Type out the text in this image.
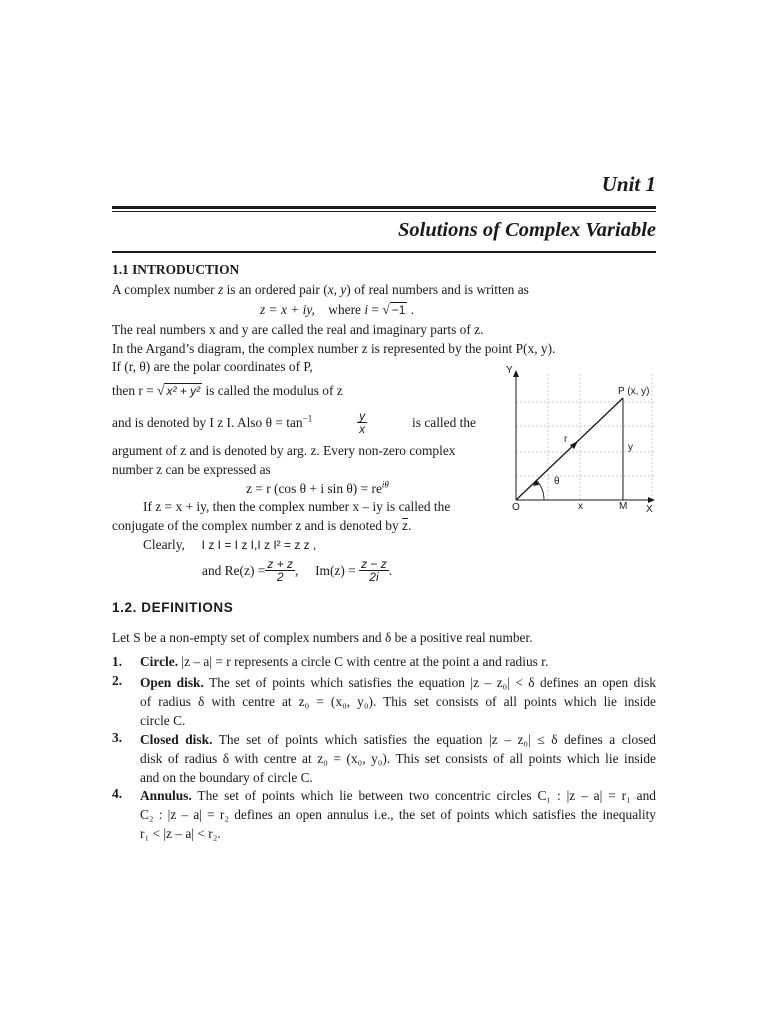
Unit 1
Solutions of Complex Variable
1.1 INTRODUCTION
A complex number z is an ordered pair (x, y) of real numbers and is written as
z = x + iy, where i = √ −1 .
The real numbers x and y are called the real and imaginary parts of z.
In the Argand’s diagram, the complex number z is represented by the point P(x, y).
If (r, θ) are the polar coordinates of P,
then r = √ x² + y² is called the modulus of z
and is denoted by I z I. Also $\theta = \tan^{-1}$	$\frac{y}{x}$	is called the
argument of z and is denoted by arg. z. Every non-zero complex
number z can be expressed as
z = r (cos θ + i $\sin \theta) = re^{i\theta}$
If z = x + iy, then the complex number x – iy is called the
conjugate of the complex number z and is denoted by $\overline{z}$.
Clearly, I z I = I z I,I z I² = z z ,
and $Re(z) = \frac{z + z}{2}$ ,     $Im(z) = \frac{z - z}{2i}$ .
Y
X
P (x, y)
O
r
θ
y
x	M
1.2. DEFINITIONS
Let S be a non-empty set of complex numbers and δ be a positive real number.
1. Circle. |z – a| = r represents a circle C with centre at the point a and radius r.
2. Open disk. The set of points which satisfies the equation |z – z₀| < δ defines an open disk
of radius δ with centre at z₀ = (x₀, y₀). This set consists of all points which lie inside
circle C.
3. Closed disk. The set of points which satisfies the equation |z – z₀| ≤ δ defines a closed
disk of radius δ with centre at z₀ = (x₀, y₀). This set consists of all points which lie inside
and on the boundary of circle C.
4. Annulus. The set of points which lie between two concentric circles C₁ : |z – a| = r₁ and
C₂ : |z – a| = r₂ defines an open annulus i.e., the set of points which satisfies the inequality
r₁ < |z – a| < r₂.
